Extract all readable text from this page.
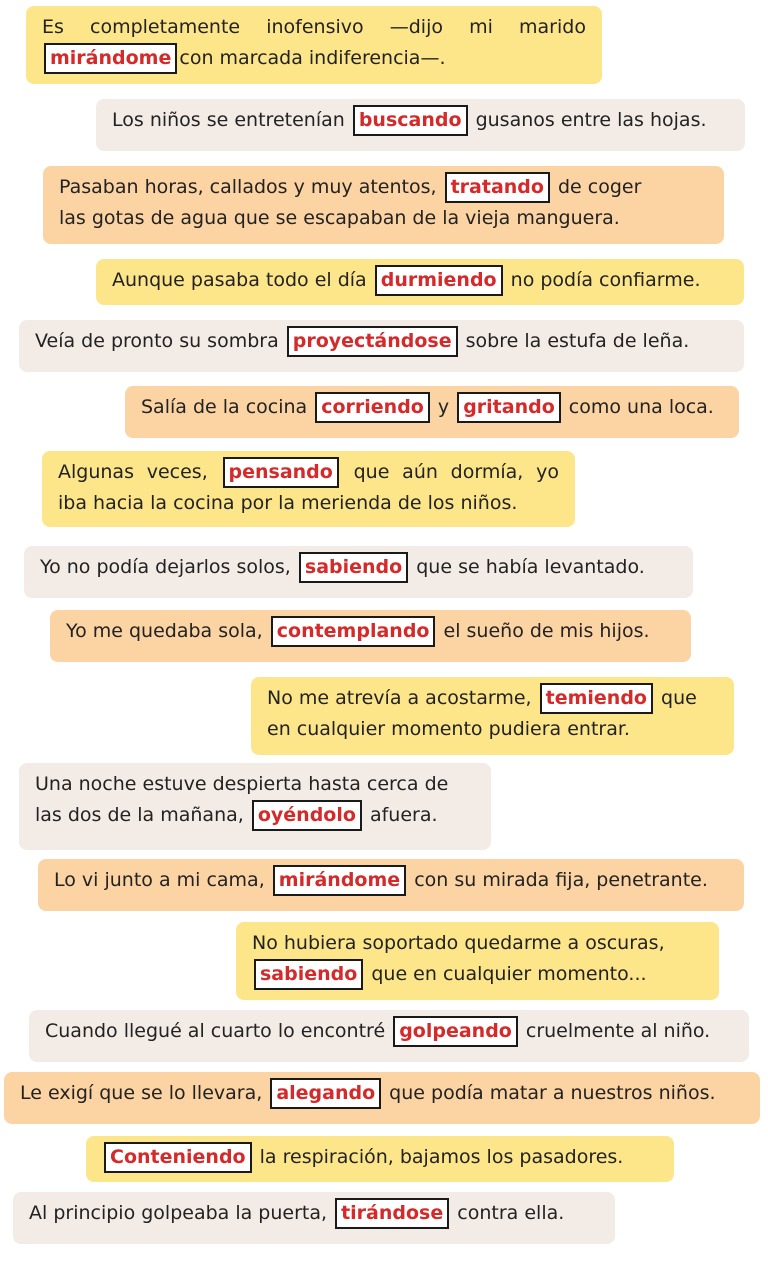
Es completamente inofensivo —dijo mi marido
mirándome con marcada indiferencia—.
Los niños se entretenían buscando gusanos entre las hojas.
Pasaban horas, callados y muy atentos, tratando de coger
las gotas de agua que se escapaban de la vieja manguera.
Aunque pasaba todo el día durmiendo no podía confiarme.
Veía de pronto su sombra proyectándose sobre la estufa de leña.
Salía de la cocina corriendo y gritando como una loca.
Algunas veces,	pensando	que aún dormía, yo
iba hacia la cocina por la merienda de los niños.
Yo no podía dejarlos solos, sabiendo que se había levantado.
Yo me quedaba sola, contemplando el sueño de mis hijos.
No me atrevía a acostarme, temiendo que
en cualquier momento pudiera entrar.
Una noche estuve despierta hasta cerca de
las dos de la mañana, oyéndolo afuera.
Lo vi junto a mi cama, mirándome con su mirada fija, penetrante.
No hubiera soportado quedarme a oscuras,
sabiendo que en cualquier momento...
Cuando llegué al cuarto lo encontré golpeando cruelmente al niño.
Le exigí que se lo llevara, alegando que podía matar a nuestros niños.
Conteniendo la respiración, bajamos los pasadores.
Al principio golpeaba la puerta, tirándose contra ella.
